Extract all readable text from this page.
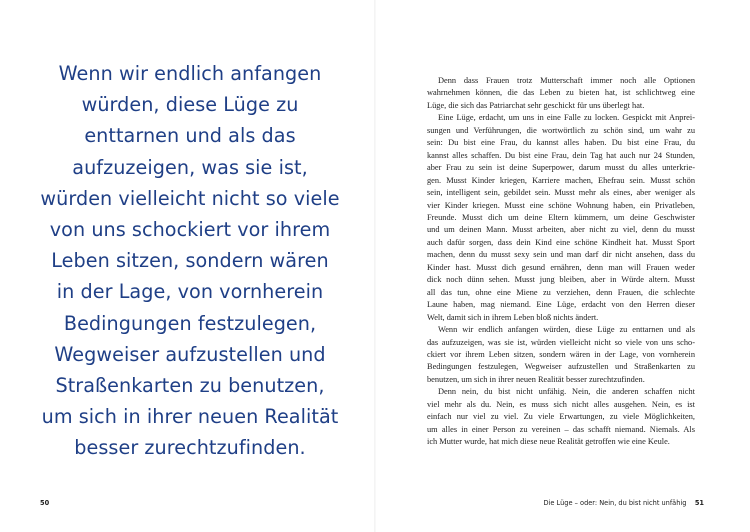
Wenn wir endlich anfangen
würden, diese Lüge zu
enttarnen und als das
aufzuzeigen, was sie ist,
würden vielleicht nicht so viele
von uns schockiert vor ihrem
Leben sitzen, sondern wären
in der Lage, von vornherein
Bedingungen festzulegen,
Wegweiser aufzustellen und
Straßenkarten zu benutzen,
um sich in ihrer neuen Realität
besser zurechtzufinden.
50

Denn dass Frauen trotz Mutterschaft immer noch alle Optionen
wahrnehmen können, die das Leben zu bieten hat, ist schlichtweg eine
Lüge, die sich das Patriarchat sehr geschickt für uns überlegt hat.

Eine Lüge, erdacht, um uns in eine Falle zu locken. Gespickt mit Anprei-
sungen und Verführungen, die wortwörtlich zu schön sind, um wahr zu
sein: Du bist eine Frau, du kannst alles haben. Du bist eine Frau, du
kannst alles schaffen. Du bist eine Frau, dein Tag hat auch nur 24 Stunden,
aber Frau zu sein ist deine Superpower, darum musst du alles unterkrie-
gen. Musst Kinder kriegen, Karriere machen, Ehefrau sein. Musst schön
sein, intelligent sein, gebildet sein. Musst mehr als eines, aber weniger als
vier Kinder kriegen. Musst eine schöne Wohnung haben, ein Privatleben,
Freunde. Musst dich um deine Eltern kümmern, um deine Geschwister
und um deinen Mann. Musst arbeiten, aber nicht zu viel, denn du musst
auch dafür sorgen, dass dein Kind eine schöne Kindheit hat. Musst Sport
machen, denn du musst sexy sein und man darf dir nicht ansehen, dass du
Kinder hast. Musst dich gesund ernähren, denn man will Frauen weder
dick noch dünn sehen. Musst jung bleiben, aber in Würde altern. Musst
all das tun, ohne eine Miene zu verziehen, denn Frauen, die schlechte
Laune haben, mag niemand. Eine Lüge, erdacht von den Herren dieser
Welt, damit sich in ihrem Leben bloß nichts ändert.

Wenn wir endlich anfangen würden, diese Lüge zu enttarnen und als
das aufzuzeigen, was sie ist, würden vielleicht nicht so viele von uns scho-
ckiert vor ihrem Leben sitzen, sondern wären in der Lage, von vornherein
Bedingungen festzulegen, Wegweiser aufzustellen und Straßenkarten zu
benutzen, um sich in ihrer neuen Realität besser zurechtzufinden.

Denn nein, du bist nicht unfähig. Nein, die anderen schaffen nicht
viel mehr als du. Nein, es muss sich nicht alles ausgehen. Nein, es ist
einfach nur viel zu viel. Zu viele Erwartungen, zu viele Möglichkeiten,
um alles in einer Person zu vereinen – das schafft niemand. Niemals. Als
ich Mutter wurde, hat mich diese neue Realität getroffen wie eine Keule.

Die Lüge – oder: Nein, du bist nicht unfähig 51
